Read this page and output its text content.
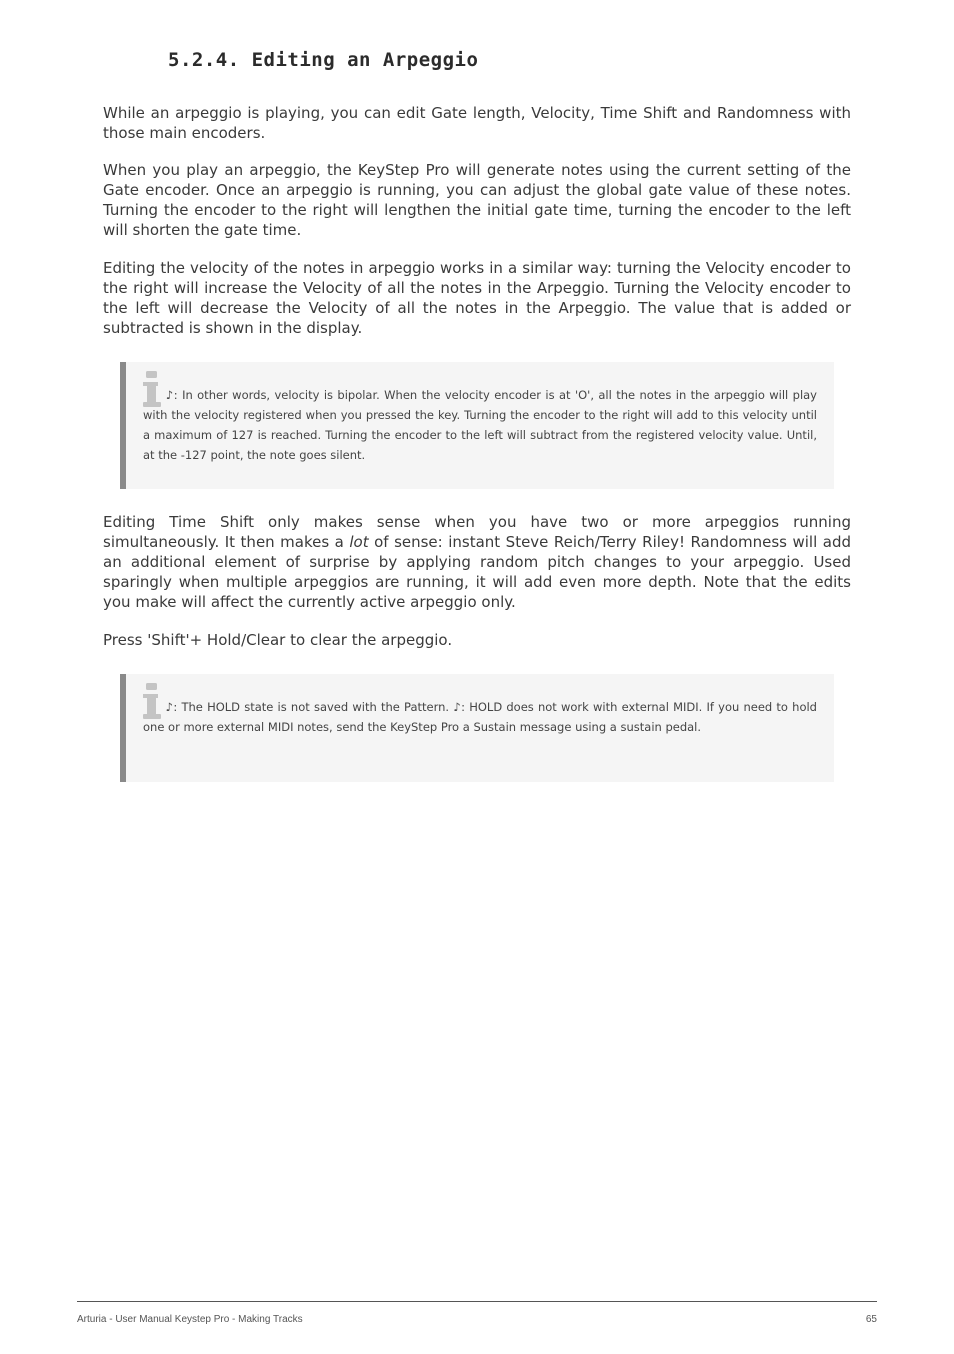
5.2.4. Editing an Arpeggio

While an arpeggio is playing, you can edit Gate length, Velocity, Time Shift and Randomness with those main encoders.

When you play an arpeggio, the KeyStep Pro will generate notes using the current setting of the Gate encoder. Once an arpeggio is running, you can adjust the global gate value of these notes. Turning the encoder to the right will lengthen the initial gate time, turning the encoder to the left will shorten the gate time.

Editing the velocity of the notes in arpeggio works in a similar way: turning the Velocity encoder to the right will increase the Velocity of all the notes in the Arpeggio. Turning the Velocity encoder to the left will decrease the Velocity of all the notes in the Arpeggio. The value that is added or subtracted is shown in the display.

♪: In other words, velocity is bipolar. When the velocity encoder is at 'O', all the notes in the arpeggio will play with the velocity registered when you pressed the key. Turning the encoder to the right will add to this velocity until a maximum of 127 is reached. Turning the encoder to the left will subtract from the registered velocity value. Until, at the -127 point, the note goes silent.

Editing Time Shift only makes sense when you have two or more arpeggios running simultaneously. It then makes a lot of sense: instant Steve Reich/Terry Riley! Randomness will add an additional element of surprise by applying random pitch changes to your arpeggio. Used sparingly when multiple arpeggios are running, it will add even more depth. Note that the edits you make will affect the currently active arpeggio only.

Press 'Shift'+ Hold/Clear to clear the arpeggio.

♪: The HOLD state is not saved with the Pattern. ♪: HOLD does not work with external MIDI. If you need to hold one or more external MIDI notes, send the KeyStep Pro a Sustain message using a sustain pedal.

Arturia - User Manual Keystep Pro - Making Tracks	65
